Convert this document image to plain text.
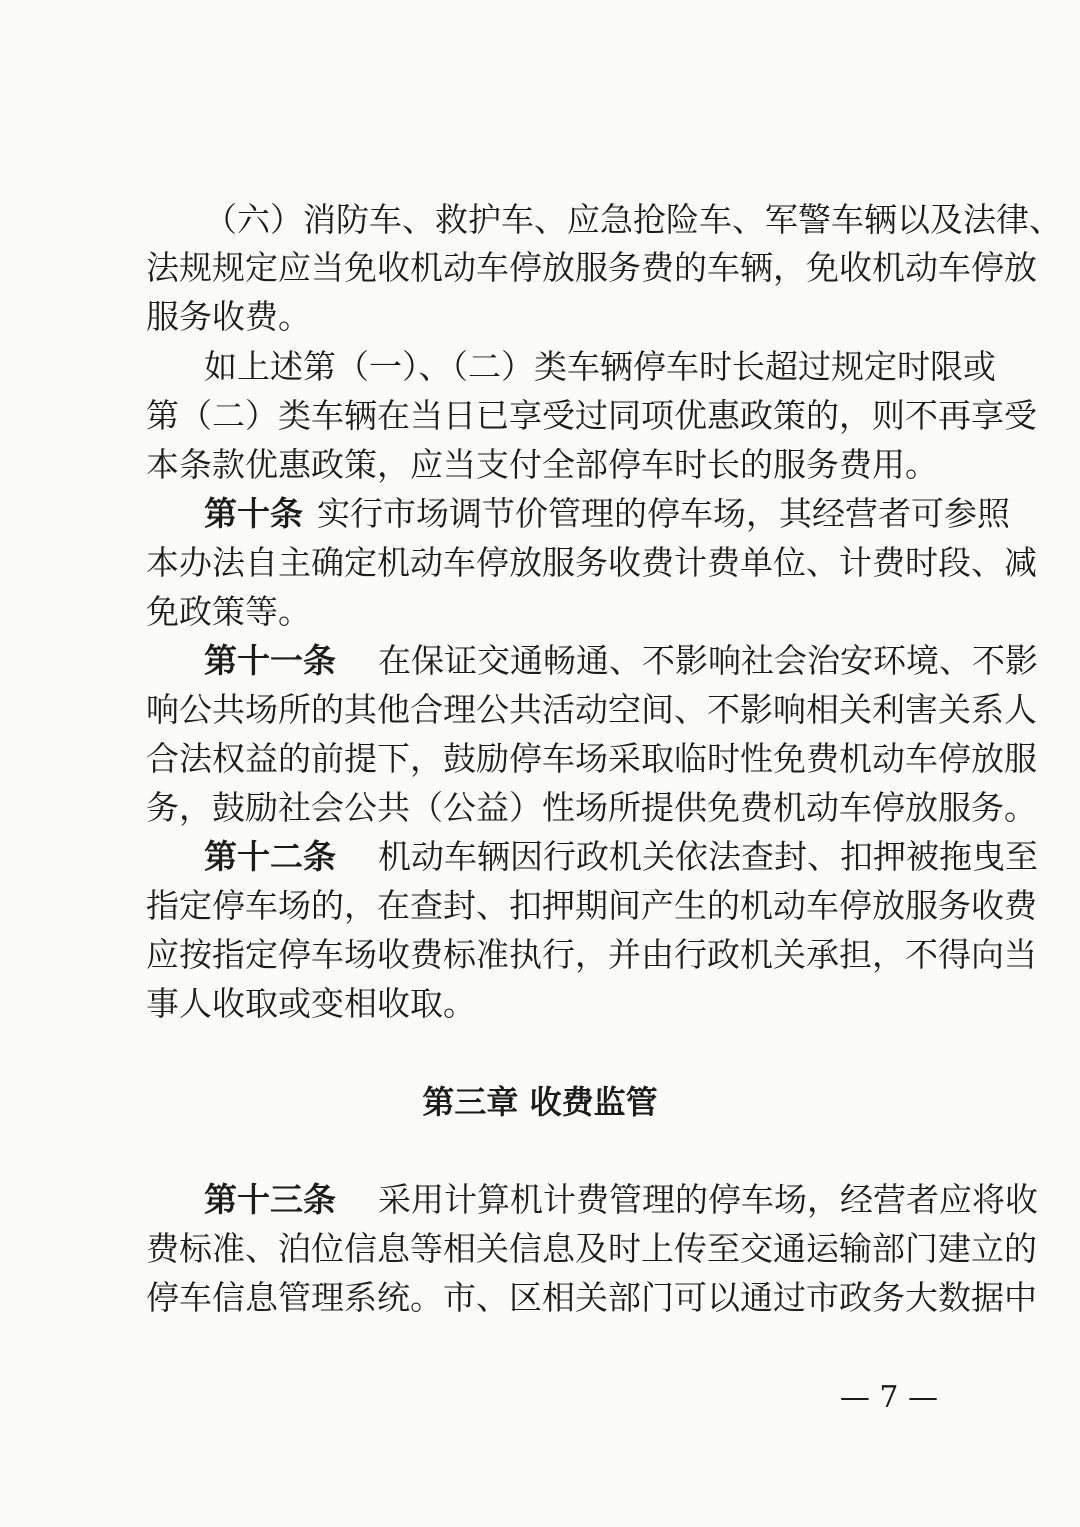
（六）消防车、救护车、应急抢险车、军警车辆以及法律、
法规规定应当免收机动车停放服务费的车辆，免收机动车停放
服务收费。
如上述第（一）、（二）类车辆停车时长超过规定时限或
第（二）类车辆在当日已享受过同项优惠政策的，则不再享受
本条款优惠政策，应当支付全部停车时长的服务费用。
第十条 实行市场调节价管理的停车场，其经营者可参照
本办法自主确定机动车停放服务收费计费单位、计费时段、减
免政策等。
第十一条 在保证交通畅通、不影响社会治安环境、不影
响公共场所的其他合理公共活动空间、不影响相关利害关系人
合法权益的前提下，鼓励停车场采取临时性免费机动车停放服
务，鼓励社会公共（公益）性场所提供免费机动车停放服务。
第十二条 机动车辆因行政机关依法查封、扣押被拖曳至
指定停车场的，在查封、扣押期间产生的机动车停放服务收费
应按指定停车场收费标准执行，并由行政机关承担，不得向当
事人收取或变相收取。
第三章 收费监管
第十三条 采用计算机计费管理的停车场，经营者应将收
费标准、泊位信息等相关信息及时上传至交通运输部门建立的
停车信息管理系统。市、区相关部门可以通过市政务大数据中
— 7 —
